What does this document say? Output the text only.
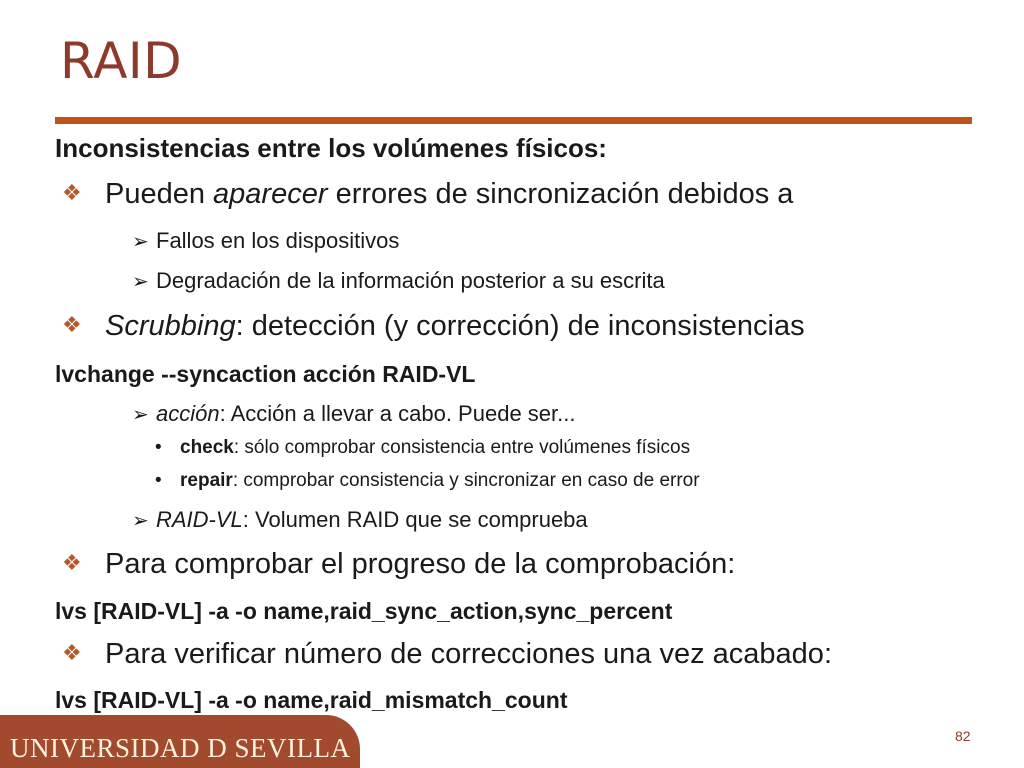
RAID
Inconsistencias entre los volúmenes físicos:
❖ Pueden aparecer errores de sincronización debidos a
➢ Fallos en los dispositivos
➢ Degradación de la información posterior a su escrita
❖ Scrubbing: detección (y corrección) de inconsistencias
lvchange --syncaction acción RAID-VL
➢ acción: Acción a llevar a cabo. Puede ser...
• check: sólo comprobar consistencia entre volúmenes físicos
• repair: comprobar consistencia y sincronizar en caso de error
➢ RAID-VL: Volumen RAID que se comprueba
❖ Para comprobar el progreso de la comprobación:
lvs [RAID-VL] -a -o name,raid_sync_action,sync_percent
❖ Para verificar número de correcciones una vez acabado:
lvs [RAID-VL] -a -o name,raid_mismatch_count
UNIVERSIDAD D SEVILLA	82
